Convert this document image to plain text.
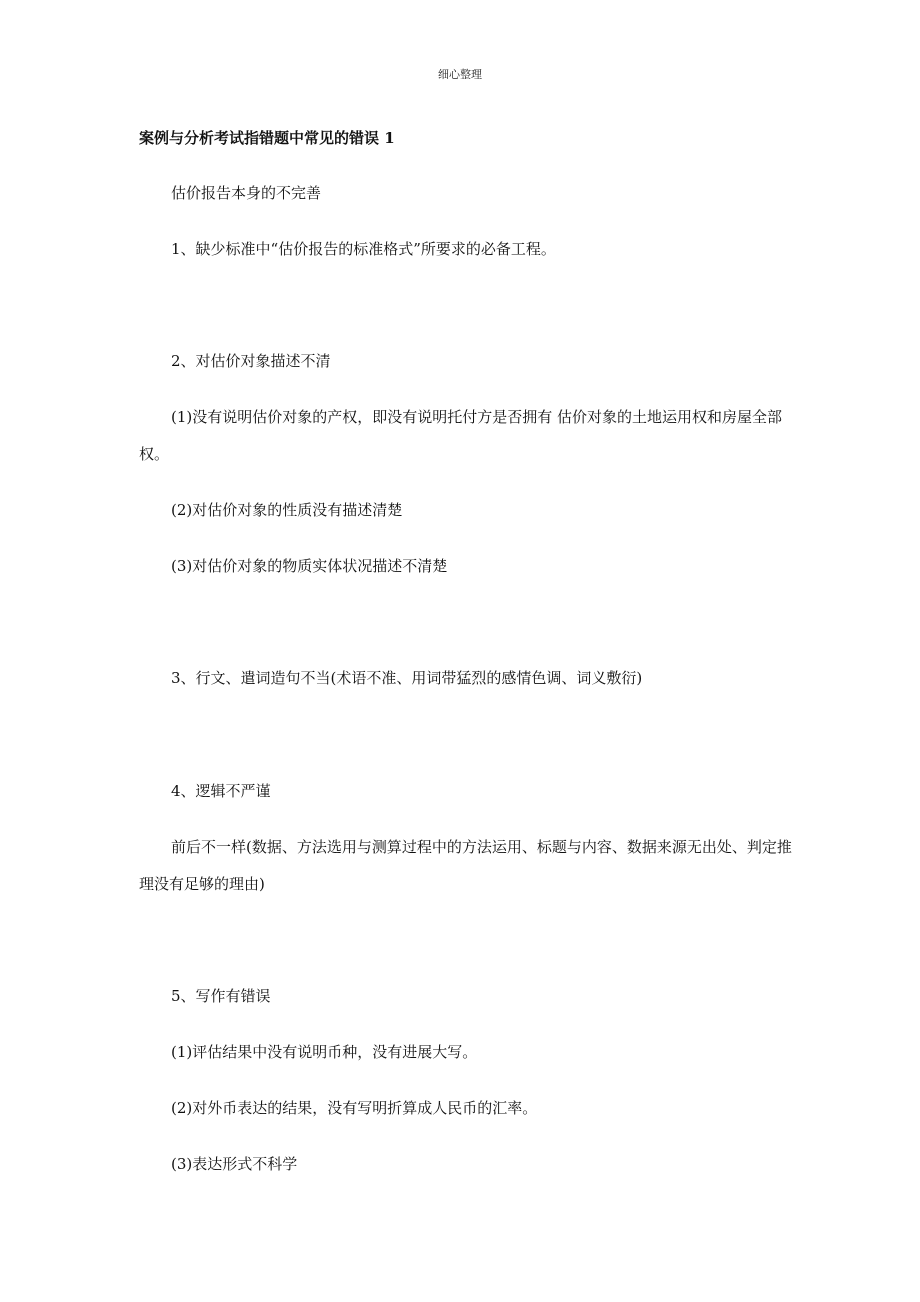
细心整理
案例与分析考试指错题中常见的错误 1
估价报告本身的不完善
1、缺少标准中“估价报告的标准格式”所要求的必备工程。
2、对估价对象描述不清
(1)没有说明估价对象的产权，即没有说明托付方是否拥有 估价对象的土地运用权和房屋全部权。
(2)对估价对象的性质没有描述清楚
(3)对估价对象的物质实体状况描述不清楚
3、行文、遣词造句不当(术语不准、用词带猛烈的感情色调、词义敷衍)
4、逻辑不严谨
前后不一样(数据、方法选用与测算过程中的方法运用、标题与内容、数据来源无出处、判定推理没有足够的理由)
5、写作有错误
(1)评估结果中没有说明币种，没有进展大写。
(2)对外币表达的结果，没有写明折算成人民币的汇率。
(3)表达形式不科学
